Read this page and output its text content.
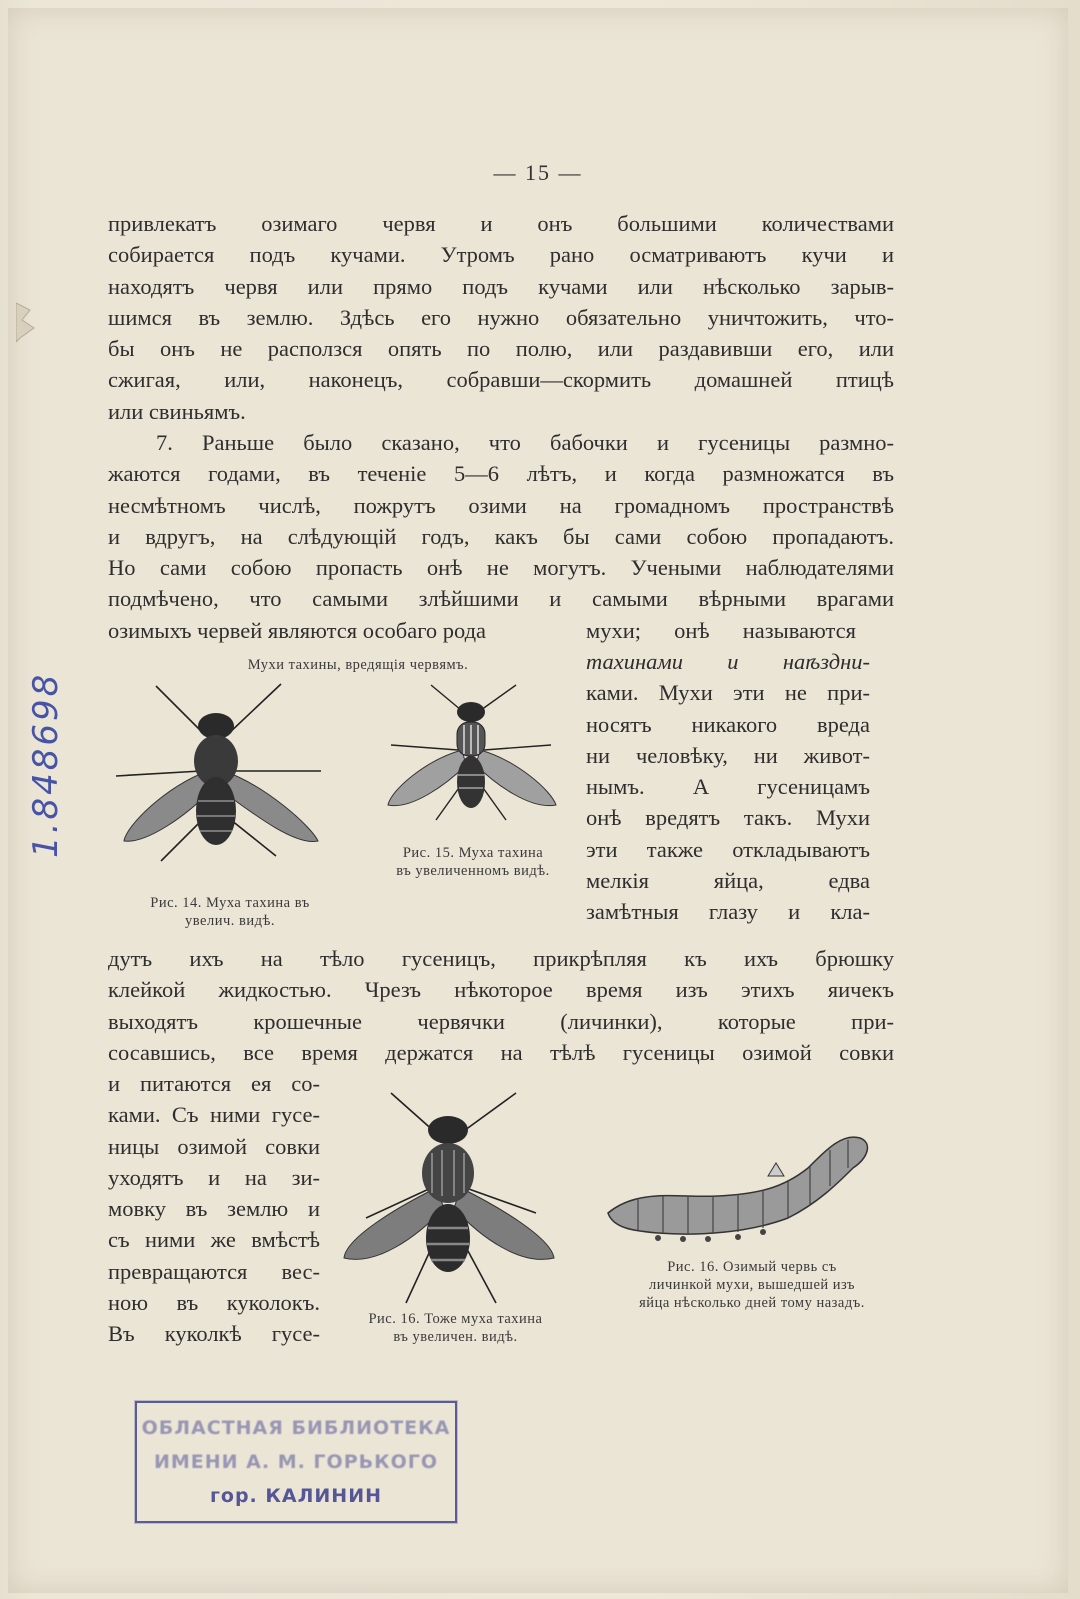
— 15 —
привлекатъ озимаго червя и онъ большими количествами
собирается подъ кучами. Утромъ рано осматриваютъ кучи и
находятъ червя или прямо подъ кучами или нѣсколько зарыв-
шимся въ землю. Здѣсь его нужно обязательно уничтожить, что-
бы онъ не расползся опять по полю, или раздавивши его, или
сжигая, или, наконецъ, собравши—скормить домашней птицѣ
или свиньямъ.
7. Раньше было сказано, что бабочки и гусеницы размно-
жаются годами, въ теченіе 5—6 лѣтъ, и когда размножатся въ
несмѣтномъ числѣ, пожрутъ озими на громадномъ пространствѣ
и вдругъ, на слѣдующій годъ, какъ бы сами собою пропадаютъ.
Но сами собою пропасть онѣ не могутъ. Учеными наблюдателями
подмѣчено, что самыми злѣйшими и самыми вѣрными врагами
озимыхъ червей являются особаго рода	мухи; онѣ называются
тахинами и наѣздни-
ками. Мухи эти не при-
носятъ никакого вреда
ни человѣку, ни живот-
нымъ. А гусеницамъ
онѣ вредятъ такъ. Мухи
эти также откладываютъ
мелкія яйца, едва
замѣтныя глазу и кла-
Мухи тахины, вредящія червямъ.
Рис. 14. Муха тахина въ
увелич. видѣ.
Рис. 15. Муха тахина
въ увеличенномъ видѣ.
дутъ ихъ на тѣло гусеницъ, прикрѣпляя къ ихъ брюшку
клейкой жидкостью. Чрезъ нѣкоторое время изъ этихъ яичекъ
выходятъ крошечные червячки (личинки), которые при-
сосавшись, все время держатся на тѣлѣ гусеницы озимой совки
и питаются ея со-
ками. Съ ними гусе-
ницы озимой совки
уходятъ и на зи-
мовку въ землю и
съ ними же вмѣстѣ
превращаются вес-
ною въ куколокъ.
Въ куколкѣ гусе-
Рис. 16. Тоже муха тахина
въ увеличен. видѣ.
Рис. 16. Озимый червь съ
личинкой мухи, вышедшей изъ
яйца нѣсколько дней тому назадъ.
1.848698
ОБЛАСТНАЯ БИБЛИОТЕКА
ИМЕНИ А. М. ГОРЬКОГО
гор. КАЛИНИН
